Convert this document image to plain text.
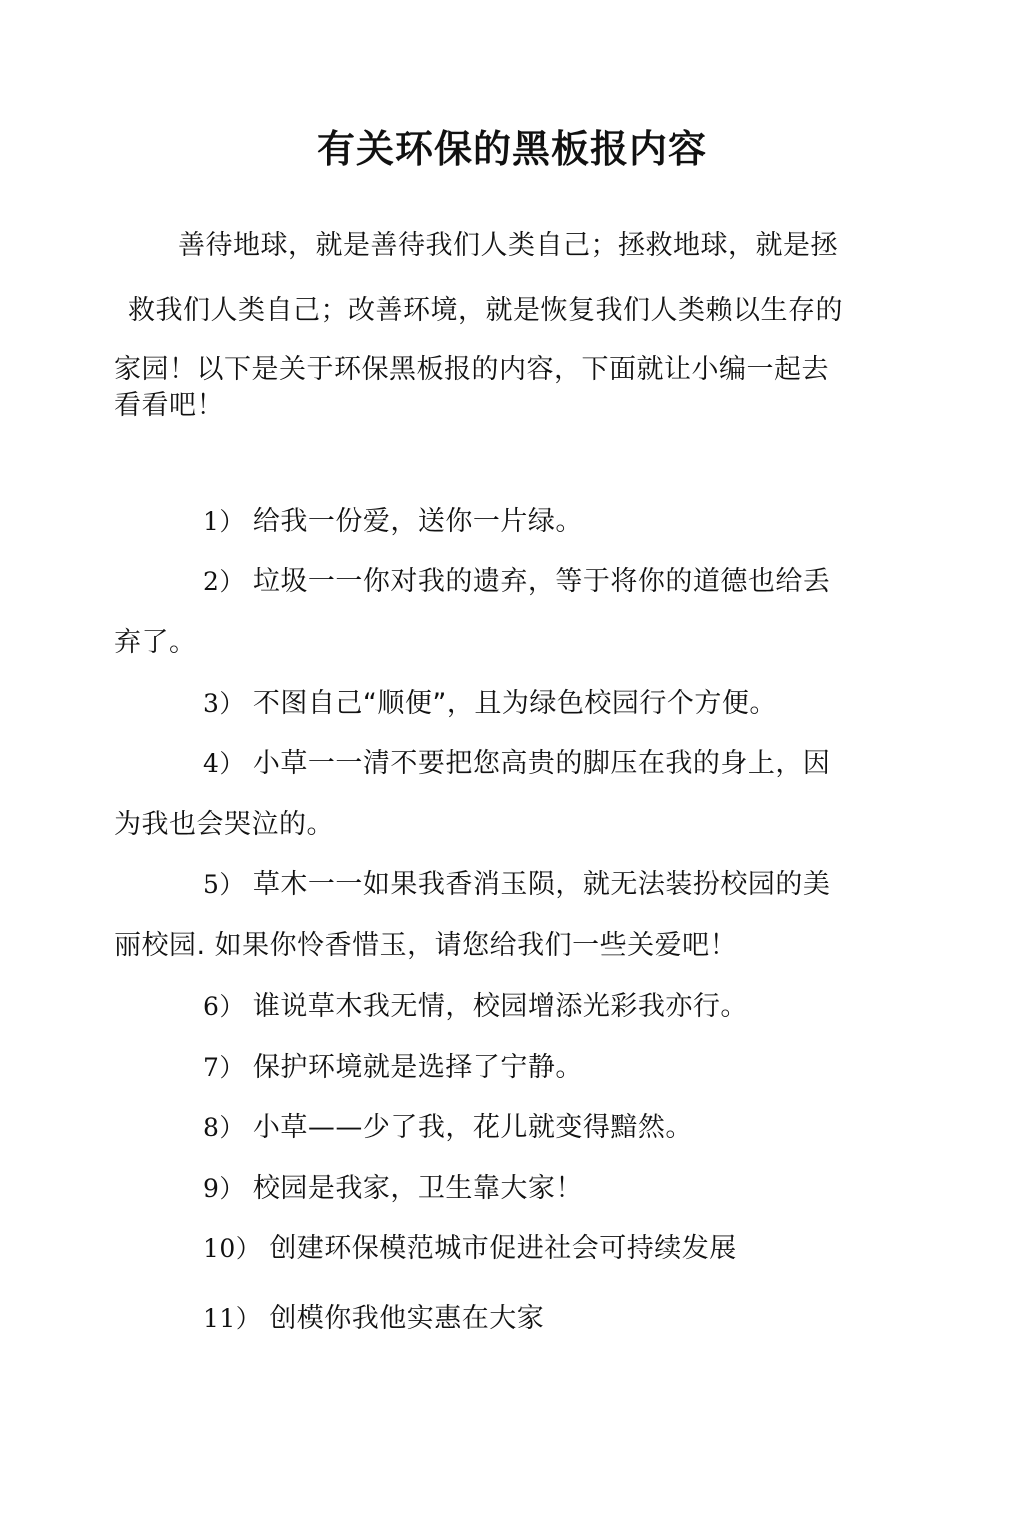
有关环保的黑板报内容
善待地球，就是善待我们人类自己；拯救地球，就是拯
救我们人类自己；改善环境，就是恢复我们人类赖以生存的
家园！以下是关于环保黑板报的内容，下面就让小编一起去
看看吧！
1） 给我一份爱，送你一片绿。
2） 垃圾一一你对我的遗弃，等于将你的道德也给丢
弃了。
3） 不图自己“顺便”，且为绿色校园行个方便。
4） 小草一一清不要把您高贵的脚压在我的身上，因
为我也会哭泣的。
5） 草木一一如果我香消玉陨，就无法装扮校园的美
丽校园. 如果你怜香惜玉，请您给我们一些关爱吧！
6） 谁说草木我无情，校园增添光彩我亦行。
7） 保护环境就是选择了宁静。
8） 小草——少了我，花儿就变得黯然。
9） 校园是我家，卫生靠大家！
10） 创建环保模范城市促进社会可持续发展
11） 创模你我他实惠在大家
